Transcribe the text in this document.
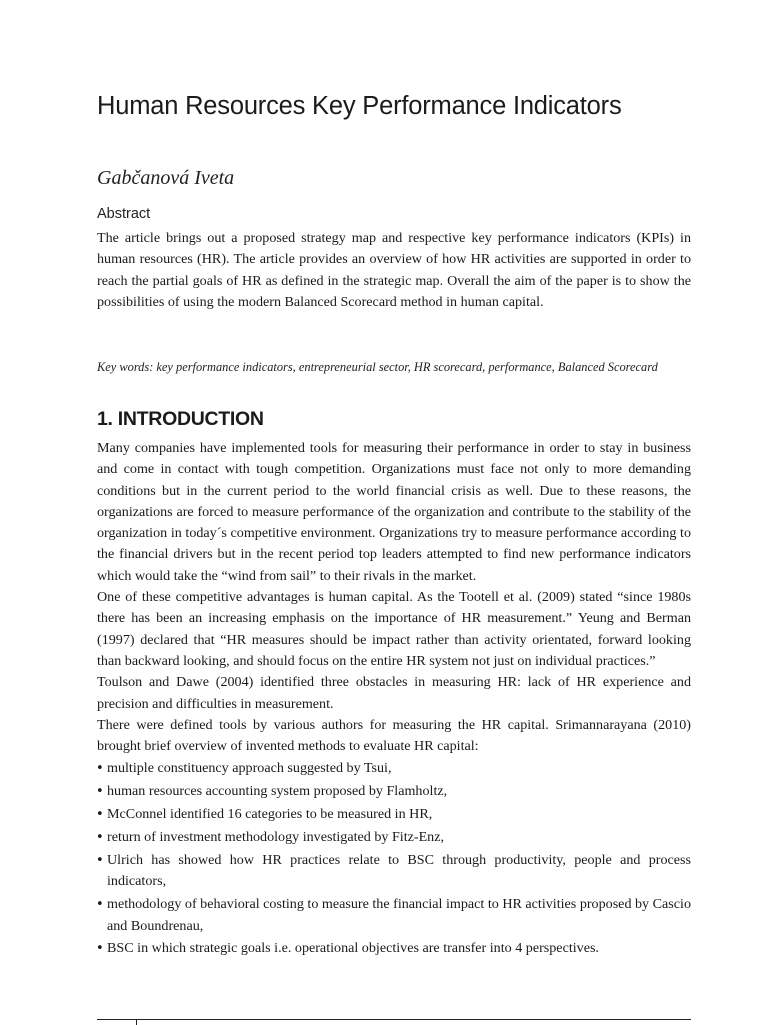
Human Resources Key Performance Indicators
Gabčanová Iveta
Abstract

The article brings out a proposed strategy map and respective key performance indicators (KPIs) in human resources (HR). The article provides an overview of how HR activities are supported in order to reach the partial goals of HR as defined in the strategic map. Overall the aim of the paper is to show the possibilities of using the modern Balanced Scorecard method in human capital.

Key words: key performance indicators, entrepreneurial sector, HR scorecard, performance, Balanced Scorecard
1. INTRODUCTION

Many companies have implemented tools for measuring their performance in order to stay in business and come in contact with tough competition. Organizations must face not only to more demanding conditions but in the current period to the world financial crisis as well. Due to these reasons, the organizations are forced to measure performance of the organization and contribute to the stability of the organization in today´s competitive environment. Organizations try to measure performance according to the financial drivers but in the recent period top leaders attempted to find new performance indicators which would take the “wind from sail” to their rivals in the market.

One of these competitive advantages is human capital. As the Tootell et al. (2009) stated “since 1980s there has been an increasing emphasis on the importance of HR measurement.” Yeung and Berman (1997) declared that “HR measures should be impact rather than activity orientated, forward looking than backward looking, and should focus on the entire HR system not just on individual practices.”

Toulson and Dawe (2004) identified three obstacles in measuring HR: lack of HR experience and precision and difficulties in measurement.

There were defined tools by various authors for measuring the HR capital. Srimannarayana (2010) brought brief overview of invented methods to evaluate HR capital:

• multiple constituency approach suggested by Tsui,
• human resources accounting system proposed by Flamholtz,
• McConnel identified 16 categories to be measured in HR,
• return of investment methodology investigated by Fitz-Enz,
• Ulrich has showed how HR practices relate to BSC through productivity, people and process indicators,
• methodology of behavioral costing to measure the financial impact to HR activities proposed by Cascio and Boundrenau,
• BSC in which strategic goals i.e. operational objectives are transfer into 4 perspectives.
